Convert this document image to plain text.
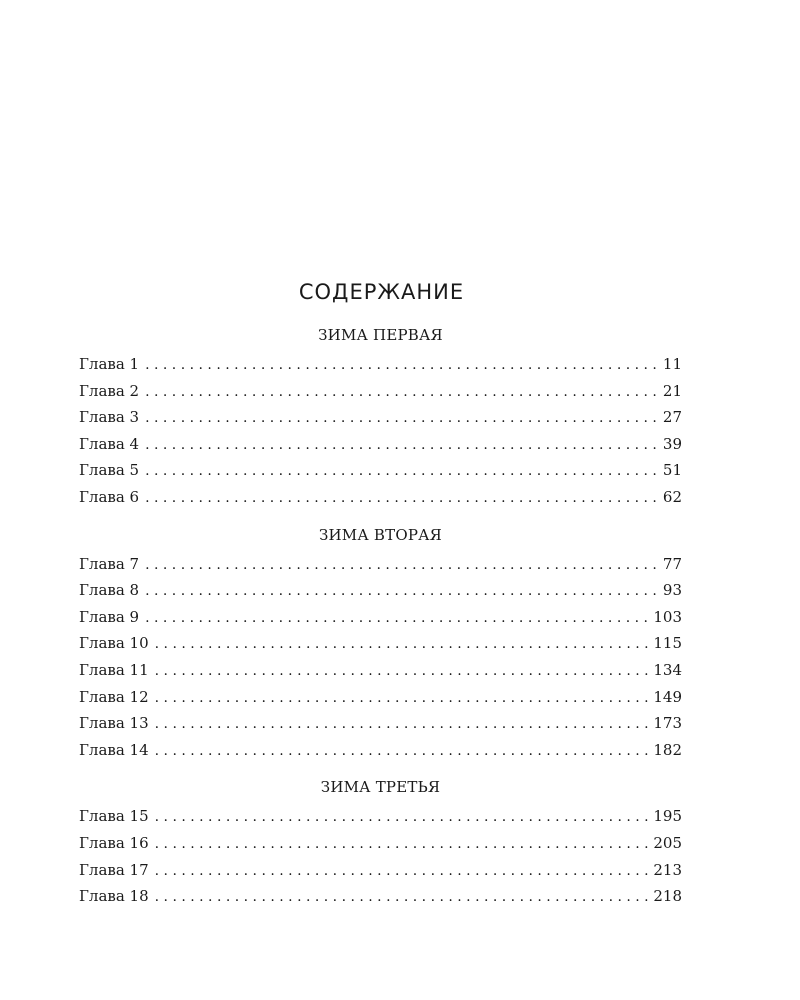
СОДЕРЖАНИЕ
ЗИМА ПЕРВАЯ
Глава 1 . . .	11
Глава 2 . . .	21
Глава 3 . . .	27
Глава 4 . . .	39
Глава 5 . . .	51
Глава 6 . . .	62
ЗИМА ВТОРАЯ
Глава 7 . . .	77
Глава 8 . . .	93
Глава 9 . . .	103
Глава 10 . . .	115
Глава 11 . . .	134
Глава 12 . . .	149
Глава 13 . . .	173
Глава 14 . . .	182
ЗИМА ТРЕТЬЯ
Глава 15 . . .	195
Глава 16 . . .	205
Глава 17 . . .	213
Глава 18 . . .	218
